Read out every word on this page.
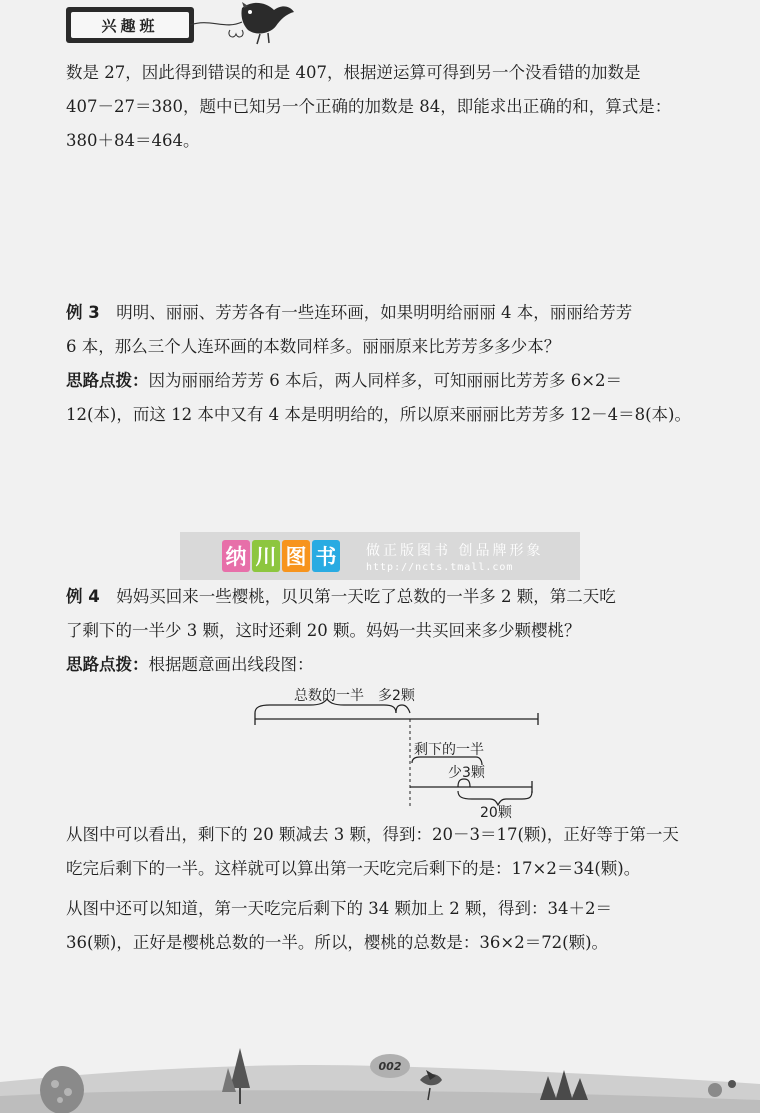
兴趣班

数是 27，因此得到错误的和是 407，根据逆运算可得到另一个没看错的加数是

407－27＝380，题中已知另一个正确的加数是 84，即能求出正确的和，算式是：

380＋84＝464。

例 3　明明、丽丽、芳芳各有一些连环画，如果明明给丽丽 4 本，丽丽给芳芳

6 本，那么三个人连环画的本数同样多。丽丽原来比芳芳多多少本？

思路点拨：因为丽丽给芳芳 6 本后，两人同样多，可知丽丽比芳芳多 6×2＝

12(本)，而这 12 本中又有 4 本是明明给的，所以原来丽丽比芳芳多 12－4＝8(本)。

纳 川 图 书 做正版图书 创品牌形象
http://ncts.tmall.com

例 4　妈妈买回来一些樱桃，贝贝第一天吃了总数的一半多 2 颗，第二天吃

了剩下的一半少 3 颗，这时还剩 20 颗。妈妈一共买回来多少颗樱桃？

思路点拨：根据题意画出线段图：

总数的一半 多2颗
剩下的一半
少3颗
20颗

从图中可以看出，剩下的 20 颗减去 3 颗，得到：20－3＝17(颗)，正好等于第一天

吃完后剩下的一半。这样就可以算出第一天吃完后剩下的是：17×2＝34(颗)。

从图中还可以知道，第一天吃完后剩下的 34 颗加上 2 颗，得到：34＋2＝

36(颗)，正好是樱桃总数的一半。所以，樱桃的总数是：36×2＝72(颗)。

002
